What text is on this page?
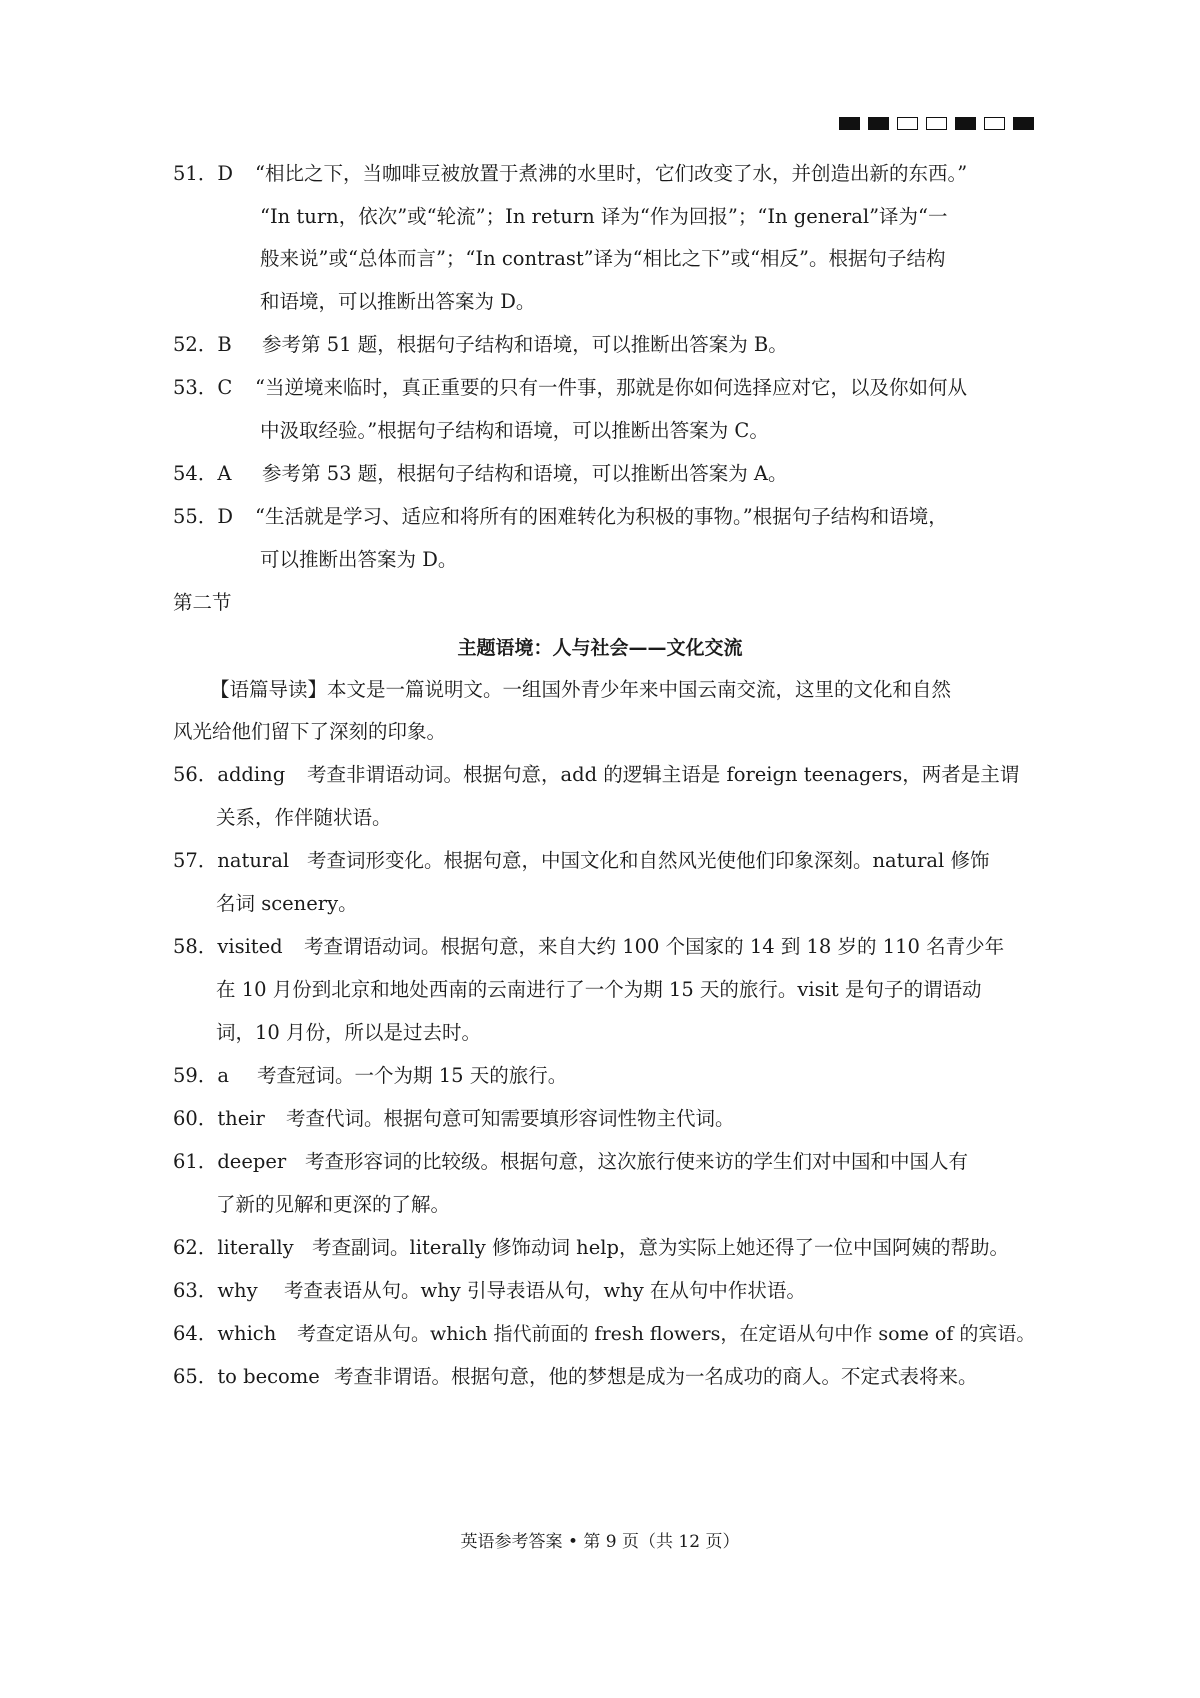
51．D “相比之下，当咖啡豆被放置于煮沸的水里时，它们改变了水，并创造出新的东西。”
“In turn，依次”或“轮流”；In return 译为“作为回报”；“In general”译为“一
般来说”或“总体而言”；“In contrast”译为“相比之下”或“相反”。根据句子结构
和语境，可以推断出答案为 D。
52．B 参考第 51 题，根据句子结构和语境，可以推断出答案为 B。
53．C “当逆境来临时，真正重要的只有一件事，那就是你如何选择应对它，以及你如何从
中汲取经验。”根据句子结构和语境，可以推断出答案为 C。
54．A 参考第 53 题，根据句子结构和语境，可以推断出答案为 A。
55．D “生活就是学习、适应和将所有的困难转化为积极的事物。”根据句子结构和语境，
可以推断出答案为 D。
第二节
主题语境：人与社会——文化交流
【语篇导读】本文是一篇说明文。一组国外青少年来中国云南交流，这里的文化和自然
风光给他们留下了深刻的印象。
56．adding 考查非谓语动词。根据句意，add 的逻辑主语是 foreign teenagers，两者是主谓
关系，作伴随状语。
57．natural 考查词形变化。根据句意，中国文化和自然风光使他们印象深刻。natural 修饰
名词 scenery。
58．visited 考查谓语动词。根据句意，来自大约 100 个国家的 14 到 18 岁的 110 名青少年
在 10 月份到北京和地处西南的云南进行了一个为期 15 天的旅行。visit 是句子的谓语动
词，10 月份，所以是过去时。
59．a 考查冠词。一个为期 15 天的旅行。
60．their 考查代词。根据句意可知需要填形容词性物主代词。
61．deeper 考查形容词的比较级。根据句意，这次旅行使来访的学生们对中国和中国人有
了新的见解和更深的了解。
62．literally 考查副词。literally 修饰动词 help，意为实际上她还得了一位中国阿姨的帮助。
63．why 考查表语从句。why 引导表语从句，why 在从句中作状语。
64．which 考查定语从句。which 指代前面的 fresh flowers，在定语从句中作 some of 的宾语。
65．to become 考查非谓语。根据句意，他的梦想是成为一名成功的商人。不定式表将来。
英语参考答案 • 第 9 页（共 12 页）
